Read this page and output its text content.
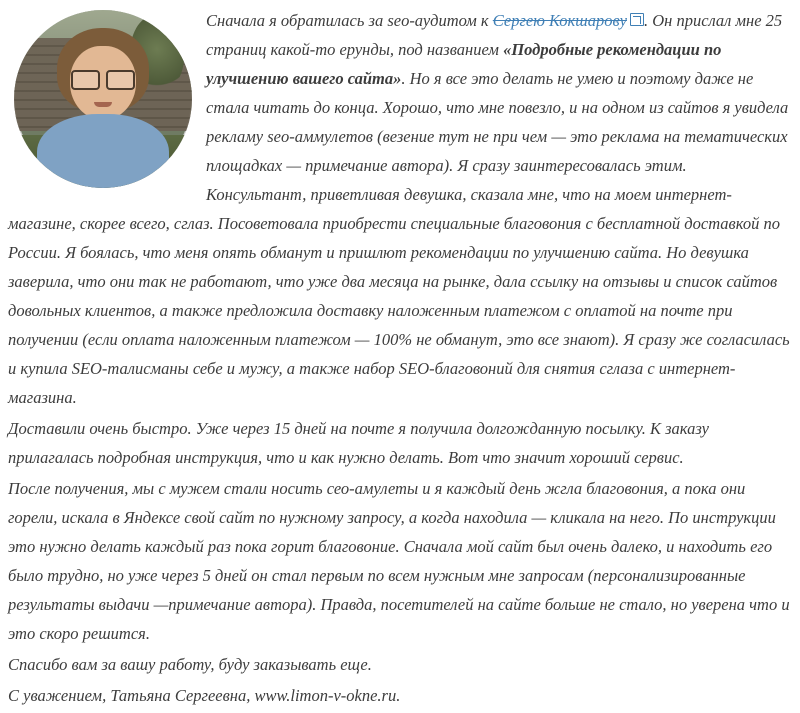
Сначала я обратилась за seo-аудитом к Сергею Кокшарову . Он прислал мне 25 страниц какой-то ерунды, под названием «Подробные рекомендации по улучшению вашего сайта». Но я все это делать не умею и поэтому даже не стала читать до конца. Хорошо, что мне повезло, и на одном из сайтов я увидела рекламу seo-аммулетов (везение тут не при чем — это реклама на тематических площадках — примечание автора). Я сразу заинтересовалась этим. Консультант, приветливая девушка, сказала мне, что на моем интернет-магазине, скорее всего, сглаз. Посоветовала приобрести специальные благовония с бесплатной доставкой по России. Я боялась, что меня опять обманут и пришлют рекомендации по улучшению сайта. Но девушка заверила, что они так не работают, что уже два месяца на рынке, дала ссылку на отзывы и список сайтов довольных клиентов, а также предложила доставку наложенным платежом с оплатой на почте при получении (если оплата наложенным платежом — 100% не обманут, это все знают). Я сразу же согласилась и купила SEO-талисманы себе и мужу, а также набор SEO-благовоний для снятия сглаза с интернет-магазина.

Доставили очень быстро. Уже через 15 дней на почте я получила долгожданную посылку. К заказу прилагалась подробная инструкция, что и как нужно делать. Вот что значит хороший сервис.

После получения, мы с мужем стали носить сео-амулеты и я каждый день жгла благовония, а пока они горели, искала в Яндексе свой сайт по нужному запросу, а когда находила — кликала на него. По инструкции это нужно делать каждый раз пока горит благовоние. Сначала мой сайт был очень далеко, и находить его было трудно, но уже через 5 дней он стал первым по всем нужным мне запросам (персонализированные результаты выдачи —примечание автора). Правда, посетителей на сайте больше не стало, но уверена что и это скоро решится.

Спасибо вам за вашу работу, буду заказывать еще.

С уважением, Татьяна Сергеевна, www.limon-v-okne.ru.
